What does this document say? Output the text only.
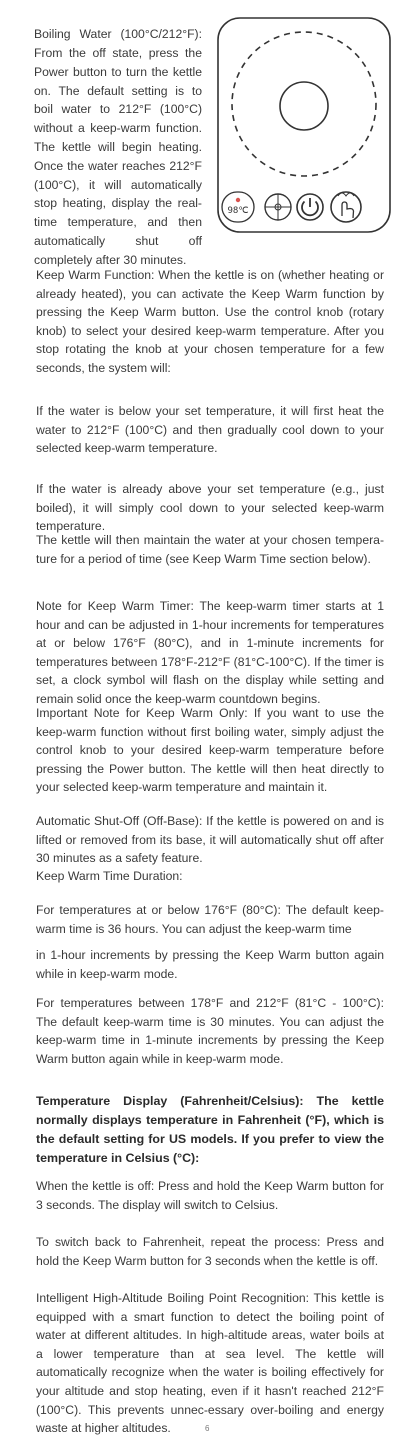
Boiling Water (100°C/212°F): From the off state, press the Power button to turn the kettle on. The default setting is to boil water to 212°F (100°C) without a keep-warm function. The kettle will begin heating. Once the water reaches 212°F (100°C), it will automatically stop heating, display the real-time temperature, and then automatically shut off completely after 30 minutes.

98℃

Keep Warm Function: When the kettle is on (whether heating or already heated), you can activate the Keep Warm function by pressing the Keep Warm button. Use the control knob (rotary knob) to select your desired keep-warm temperature. After you stop rotating the knob at your chosen temperature for a few seconds, the system will:

If the water is below your set temperature, it will first heat the water to 212°F (100°C) and then gradually cool down to your selected keep-warm temperature.

If the water is already above your set temperature (e.g., just boiled), it will simply cool down to your selected keep-warm temperature.

The kettle will then maintain the water at your chosen tempera-ture for a period of time (see Keep Warm Time section below).

Note for Keep Warm Timer: The keep-warm timer starts at 1 hour and can be adjusted in 1-hour increments for temperatures at or below 176°F (80°C), and in 1-minute increments for temperatures between 178°F-212°F (81°C-100°C). If the timer is set, a clock symbol will flash on the display while setting and remain solid once the keep-warm countdown begins.

Important Note for Keep Warm Only: If you want to use the keep-warm function without first boiling water, simply adjust the control knob to your desired keep-warm temperature before pressing the Power button. The kettle will then heat directly to your selected keep-warm temperature and maintain it.

Automatic Shut-Off (Off-Base): If the kettle is powered on and is lifted or removed from its base, it will automatically shut off after 30 minutes as a safety feature.

Keep Warm Time Duration:

For temperatures at or below 176°F (80°C): The default keep-warm time is 36 hours. You can adjust the keep-warm time

in 1-hour increments by pressing the Keep Warm button again while in keep-warm mode.

For temperatures between 178°F and 212°F (81°C - 100°C): The default keep-warm time is 30 minutes. You can adjust the keep-warm time in 1-minute increments by pressing the Keep Warm button again while in keep-warm mode.

Temperature Display (Fahrenheit/Celsius): The kettle normally displays temperature in Fahrenheit (°F), which is the default setting for US models. If you prefer to view the temperature in Celsius (°C):

When the kettle is off: Press and hold the Keep Warm button for 3 seconds. The display will switch to Celsius.

To switch back to Fahrenheit, repeat the process: Press and hold the Keep Warm button for 3 seconds when the kettle is off.

Intelligent High-Altitude Boiling Point Recognition: This kettle is equipped with a smart function to detect the boiling point of water at different altitudes. In high-altitude areas, water boils at a lower temperature than at sea level. The kettle will automatically recognize when the water is boiling effectively for your altitude and stop heating, even if it hasn't reached 212°F (100°C). This prevents unnec-essary over-boiling and energy waste at higher altitudes.	6
